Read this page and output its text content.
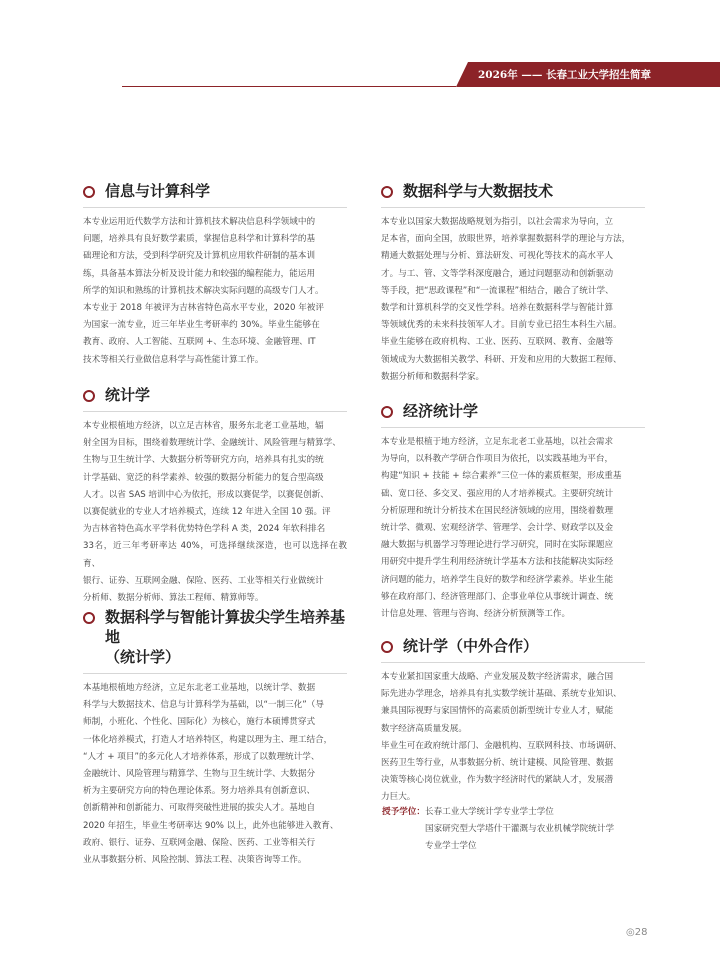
2026年 —— 长春工业大学招生简章
信息与计算科学
本专业运用近代数学方法和计算机技术解决信息科学领域中的
问题，培养具有良好数学素质，掌握信息科学和计算科学的基
础理论和方法，受到科学研究及计算机应用软件研制的基本训
练，具备基本算法分析及设计能力和较强的编程能力，能运用
所学的知识和熟练的计算机技术解决实际问题的高级专门人才。
本专业于 2018 年被评为吉林省特色高水平专业，2020 年被评
为国家一流专业，近三年毕业生考研率约 30%。毕业生能够在
教育、政府、人工智能、互联网 +、生态环境、金融管理、IT
技术等相关行业做信息科学与高性能计算工作。
统计学
本专业根植地方经济，以立足吉林省，服务东北老工业基地，辐
射全国为目标，围绕着数理统计学、金融统计、风险管理与精算学、
生物与卫生统计学、大数据分析等研究方向，培养具有扎实的统
计学基础、宽泛的科学素养、较强的数据分析能力的复合型高级
人才。以省 SAS 培训中心为依托，形成以赛促学，以赛促创新、
以赛促就业的专业人才培养模式，连续 12 年进入全国 10 强。评
为吉林省特色高水平学科优势特色学科 A 类，2024 年软科排名
33名，近三年考研率达 40%，可选择继续深造，也可以选择在教育、
银行、证券、互联网金融、保险、医药、工业等相关行业做统计
分析师、数据分析师、算法工程师、精算师等。
数据科学与智能计算拔尖学生培养基地
（统计学）
本基地根植地方经济，立足东北老工业基地，以统计学、数据
科学与大数据技术、信息与计算科学为基础，以“一制三化”（导
师制，小班化、个性化、国际化）为核心，施行本硕博贯穿式
一体化培养模式，打造人才培养特区，构建以理为主、理工结合，
“人才 + 项目”的多元化人才培养体系，形成了以数理统计学、
金融统计、风险管理与精算学、生物与卫生统计学、大数据分
析为主要研究方向的特色理论体系。努力培养具有创新意识、
创新精神和创新能力、可取得突破性进展的拔尖人才。基地自
2020 年招生，毕业生考研率达 90% 以上，此外也能够进入教育、
政府、银行、证券、互联网金融、保险、医药、工业等相关行
业从事数据分析、风险控制、算法工程、决策咨询等工作。
数据科学与大数据技术
本专业以国家大数据战略规划为指引，以社会需求为导向，立
足本省，面向全国，放眼世界，培养掌握数据科学的理论与方法，
精通大数据处理与分析、算法研发、可视化等技术的高水平人
才。与工、管、文等学科深度融合，通过问题驱动和创新驱动
等手段，把“思政课程”和“一流课程”相结合，融合了统计学、
数学和计算机科学的交叉性学科。培养在数据科学与智能计算
等领域优秀的未来科技领军人才。目前专业已招生本科生六届。
毕业生能够在政府机构、工业、医药、互联网、教育、金融等
领域成为大数据相关教学、科研、开发和应用的大数据工程师、
数据分析师和数据科学家。
经济统计学
本专业是根植于地方经济，立足东北老工业基地，以社会需求
为导向，以科教产学研合作项目为依托，以实践基地为平台，
构建“知识 + 技能 + 综合素养”三位一体的素质框架，形成重基
础、宽口径、多交叉、强应用的人才培养模式。主要研究统计
分析原理和统计分析技术在国民经济领域的应用，围绕着数理
统计学、微观、宏观经济学、管理学、会计学、财政学以及金
融大数据与机器学习等理论进行学习研究，同时在实际课题应
用研究中提升学生利用经济统计学基本方法和技能解决实际经
济问题的能力，培养学生良好的数学和经济学素养。毕业生能
够在政府部门、经济管理部门、企事业单位从事统计调查、统
计信息处理、管理与咨询、经济分析预测等工作。
统计学（中外合作）
本专业紧扣国家重大战略、产业发展及数字经济需求，融合国
际先进办学理念，培养具有扎实数学统计基础、系统专业知识、
兼具国际视野与家国情怀的高素质创新型统计专业人才，赋能
数字经济高质量发展。
毕业生可在政府统计部门、金融机构、互联网科技、市场调研、
医药卫生等行业，从事数据分析、统计建模、风险管理、数据
决策等核心岗位就业，作为数字经济时代的紧缺人才，发展潜
力巨大。
授予学位： 长春工业大学统计学专业学士学位
国家研究型大学塔什干灌溉与农业机械学院统计学
专业学士学位
◎28
